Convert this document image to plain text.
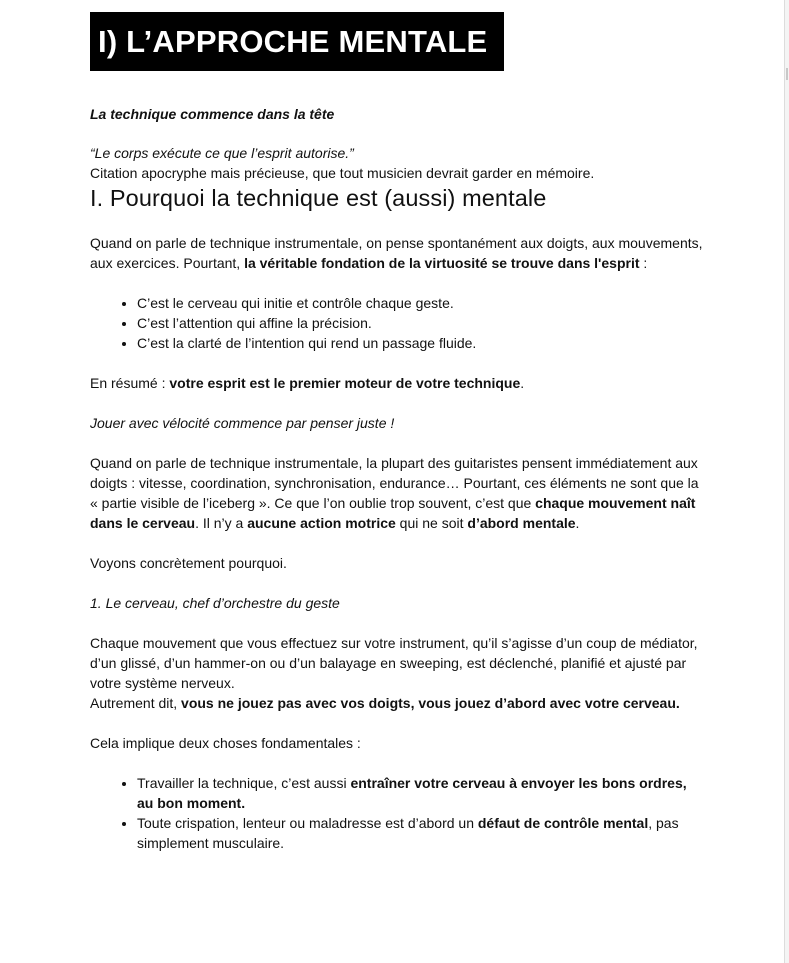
I) L’APPROCHE MENTALE

La technique commence dans la tête

“Le corps exécute ce que l’esprit autorise.”

Citation apocryphe mais précieuse, que tout musicien devrait garder en mémoire.

I. Pourquoi la technique est (aussi) mentale

Quand on parle de technique instrumentale, on pense spontanément aux doigts, aux mouvements, aux exercices. Pourtant, la véritable fondation de la virtuosité se trouve dans l'esprit :

• C’est le cerveau qui initie et contrôle chaque geste.
• C’est l’attention qui affine la précision.
• C’est la clarté de l’intention qui rend un passage fluide.

En résumé : votre esprit est le premier moteur de votre technique.

Jouer avec vélocité commence par penser juste !

Quand on parle de technique instrumentale, la plupart des guitaristes pensent immédiatement aux doigts : vitesse, coordination, synchronisation, endurance… Pourtant, ces éléments ne sont que la « partie visible de l’iceberg ». Ce que l’on oublie trop souvent, c’est que chaque mouvement naît dans le cerveau. Il n’y a aucune action motrice qui ne soit d’abord mentale.

Voyons concrètement pourquoi.

1. Le cerveau, chef d’orchestre du geste

Chaque mouvement que vous effectuez sur votre instrument, qu’il s’agisse d’un coup de médiator, d’un glissé, d’un hammer-on ou d’un balayage en sweeping, est déclenché, planifié et ajusté par votre système nerveux.

Autrement dit, vous ne jouez pas avec vos doigts, vous jouez d’abord avec votre cerveau.

Cela implique deux choses fondamentales :

• Travailler la technique, c’est aussi entraîner votre cerveau à envoyer les bons ordres, au bon moment.
• Toute crispation, lenteur ou maladresse est d’abord un défaut de contrôle mental, pas simplement musculaire.
